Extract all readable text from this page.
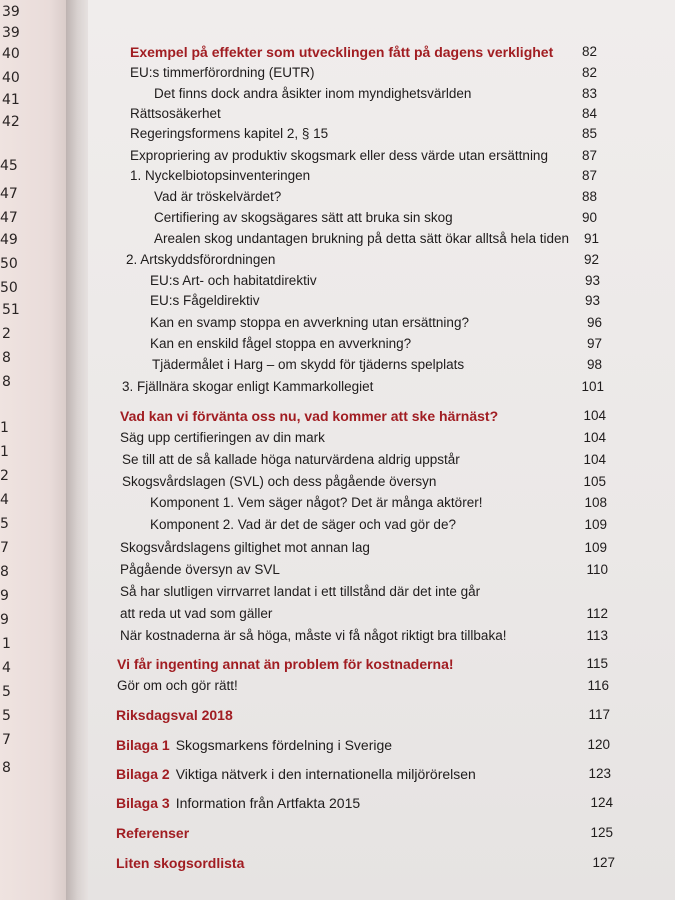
39
39
40
40
41
42
45
47
47
49
50
50
51
2
8
8
1
1
2
4
5
7
8
9
9
1
4
5
5
7
8
Exempel på effekter som utvecklingen fått på dagens verklighet	82
EU:s timmerförordning (EUTR)	82
Det finns dock andra åsikter inom myndighetsvärlden	83
Rättsosäkerhet	84
Regeringsformens kapitel 2, § 15	85
Expropriering av produktiv skogsmark eller dess värde utan ersättning	87
1. Nyckelbiotopsinventeringen	87
Vad är tröskelvärdet?	88
Certifiering av skogsägares sätt att bruka sin skog	90
Arealen skog undantagen brukning på detta sätt ökar alltså hela tiden	91
2. Artskyddsförordningen	92
EU:s Art- och habitatdirektiv	93
EU:s Fågeldirektiv	93
Kan en svamp stoppa en avverkning utan ersättning?	96
Kan en enskild fågel stoppa en avverkning?	97
Tjädermålet i Harg – om skydd för tjäderns spelplats	98
3. Fjällnära skogar enligt Kammarkollegiet	101
Vad kan vi förvänta oss nu, vad kommer att ske härnäst?	104
Säg upp certifieringen av din mark	104
Se till att de så kallade höga naturvärdena aldrig uppstår	104
Skogsvårdslagen (SVL) och dess pågående översyn	105
Komponent 1. Vem säger något? Det är många aktörer!	108
Komponent 2. Vad är det de säger och vad gör de?	109
Skogsvårdslagens giltighet mot annan lag	109
Pågående översyn av SVL	110
Så har slutligen virrvarret landat i ett tillstånd där det inte går
att reda ut vad som gäller	112
När kostnaderna är så höga, måste vi få något riktigt bra tillbaka!	113
Vi får ingenting annat än problem för kostnaderna!	115
Gör om och gör rätt!	116
Riksdagsval 2018	117
Bilaga 1 Skogsmarkens fördelning i Sverige	120
Bilaga 2 Viktiga nätverk i den internationella miljörörelsen	123
Bilaga 3 Information från Artfakta 2015	124
Referenser	125
Liten skogsordlista	127
